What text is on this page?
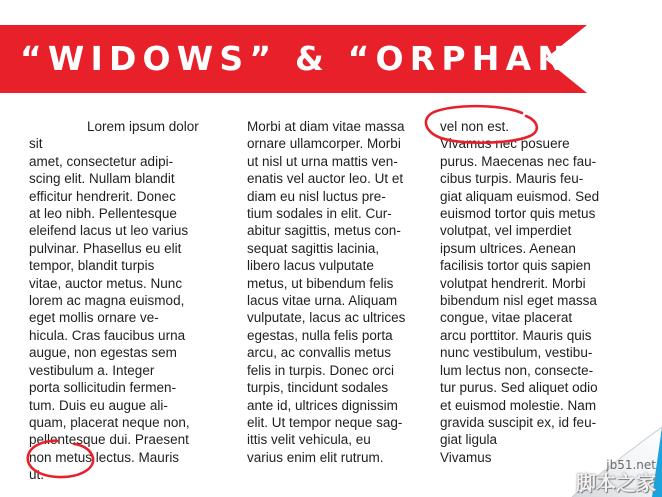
“WIDOWS” & “ORPHANS”
Lorem ipsum dolor sit
amet, consectetur adipi-
scing elit. Nullam blandit
efficitur hendrerit. Donec
at leo nibh. Pellentesque
eleifend lacus ut leo varius
pulvinar. Phasellus eu elit
tempor, blandit turpis
vitae, auctor metus. Nunc
lorem ac magna euismod,
eget mollis ornare ve-
hicula. Cras faucibus urna
augue, non egestas sem
vestibulum a. Integer
porta sollicitudin fermen-
tum. Duis eu augue ali-
quam, placerat neque non,
pellentesque dui. Praesent
non metus lectus. Mauris
ut.
Morbi at diam vitae massa
ornare ullamcorper. Morbi
ut nisl ut urna mattis ven-
enatis vel auctor leo. Ut et
diam eu nisl luctus pre-
tium sodales in elit. Cur-
abitur sagittis, metus con-
sequat sagittis lacinia,
libero lacus vulputate
metus, ut bibendum felis
lacus vitae urna. Aliquam
vulputate, lacus ac ultrices
egestas, nulla felis porta
arcu, ac convallis metus
felis in turpis. Donec orci
turpis, tincidunt sodales
ante id, ultrices dignissim
elit. Ut tempor neque sag-
ittis velit vehicula, eu
varius enim elit rutrum.
vel non est.
Vivamus nec posuere
purus. Maecenas nec fau-
cibus turpis. Mauris feu-
giat aliquam euismod. Sed
euismod tortor quis metus
volutpat, vel imperdiet
ipsum ultrices. Aenean
facilisis tortor quis sapien
volutpat hendrerit. Morbi
bibendum nisl eget massa
congue, vitae placerat
arcu porttitor. Mauris quis
nunc vestibulum, vestibu-
lum lectus non, consecte-
tur purus. Sed aliquet odio
et euismod molestie. Nam
gravida suscipit ex, id feu-
giat ligula
Vivamus
jb51.net
脚本之家
